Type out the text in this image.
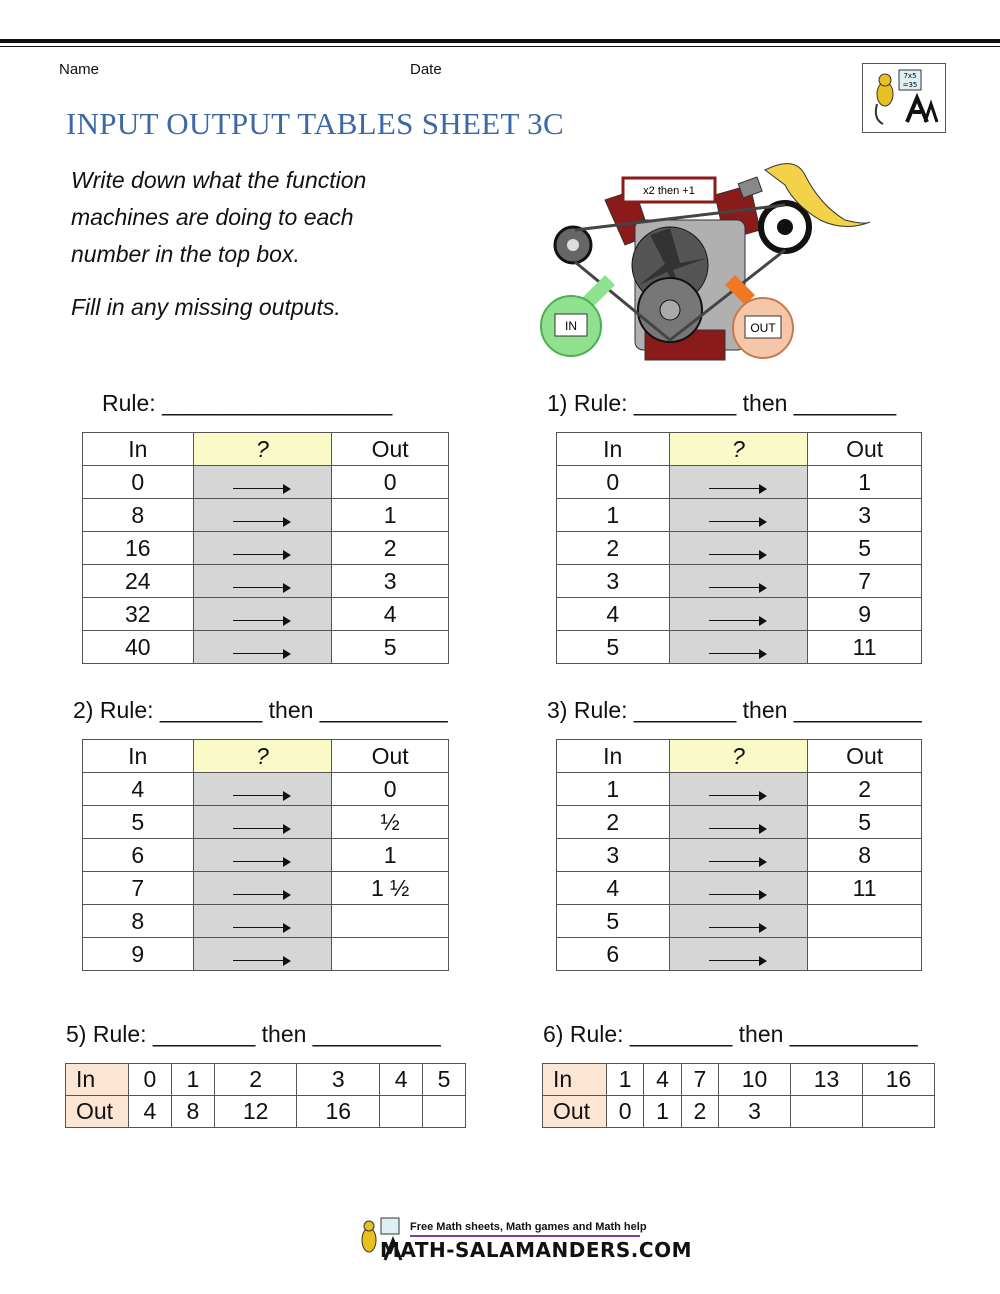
Name	Date	7x5
=35
INPUT OUTPUT TABLES SHEET 3C

Write down what the function

machines are doing to each

number in the top box.

Fill in any missing outputs.

x2 then +1
IN	OUT
Rule: __________________	1) Rule: ________ then ________
2) Rule: ________ then __________	3) Rule: ________ then __________
5) Rule: ________ then __________	6) Rule: ________ then __________
In	?	Out
0		0
8		1
16		2
24		3
32		4
40		5
In	?	Out
0		1
1		3
2		5
3		7
4		9
5		11
In	?	Out
4		0
5		½
6		1
7		1 ½
8		
9		
In	?	Out
1		2
2		5
3		8
4		11
5		
6		
In	0	1	2	3	4	5
Out	4	8	12	16		
In	1	4	7	10	13	16
Out	0	1	2	3		
Free Math sheets, Math games and Math help
MATH-SALAMANDERS.COM
